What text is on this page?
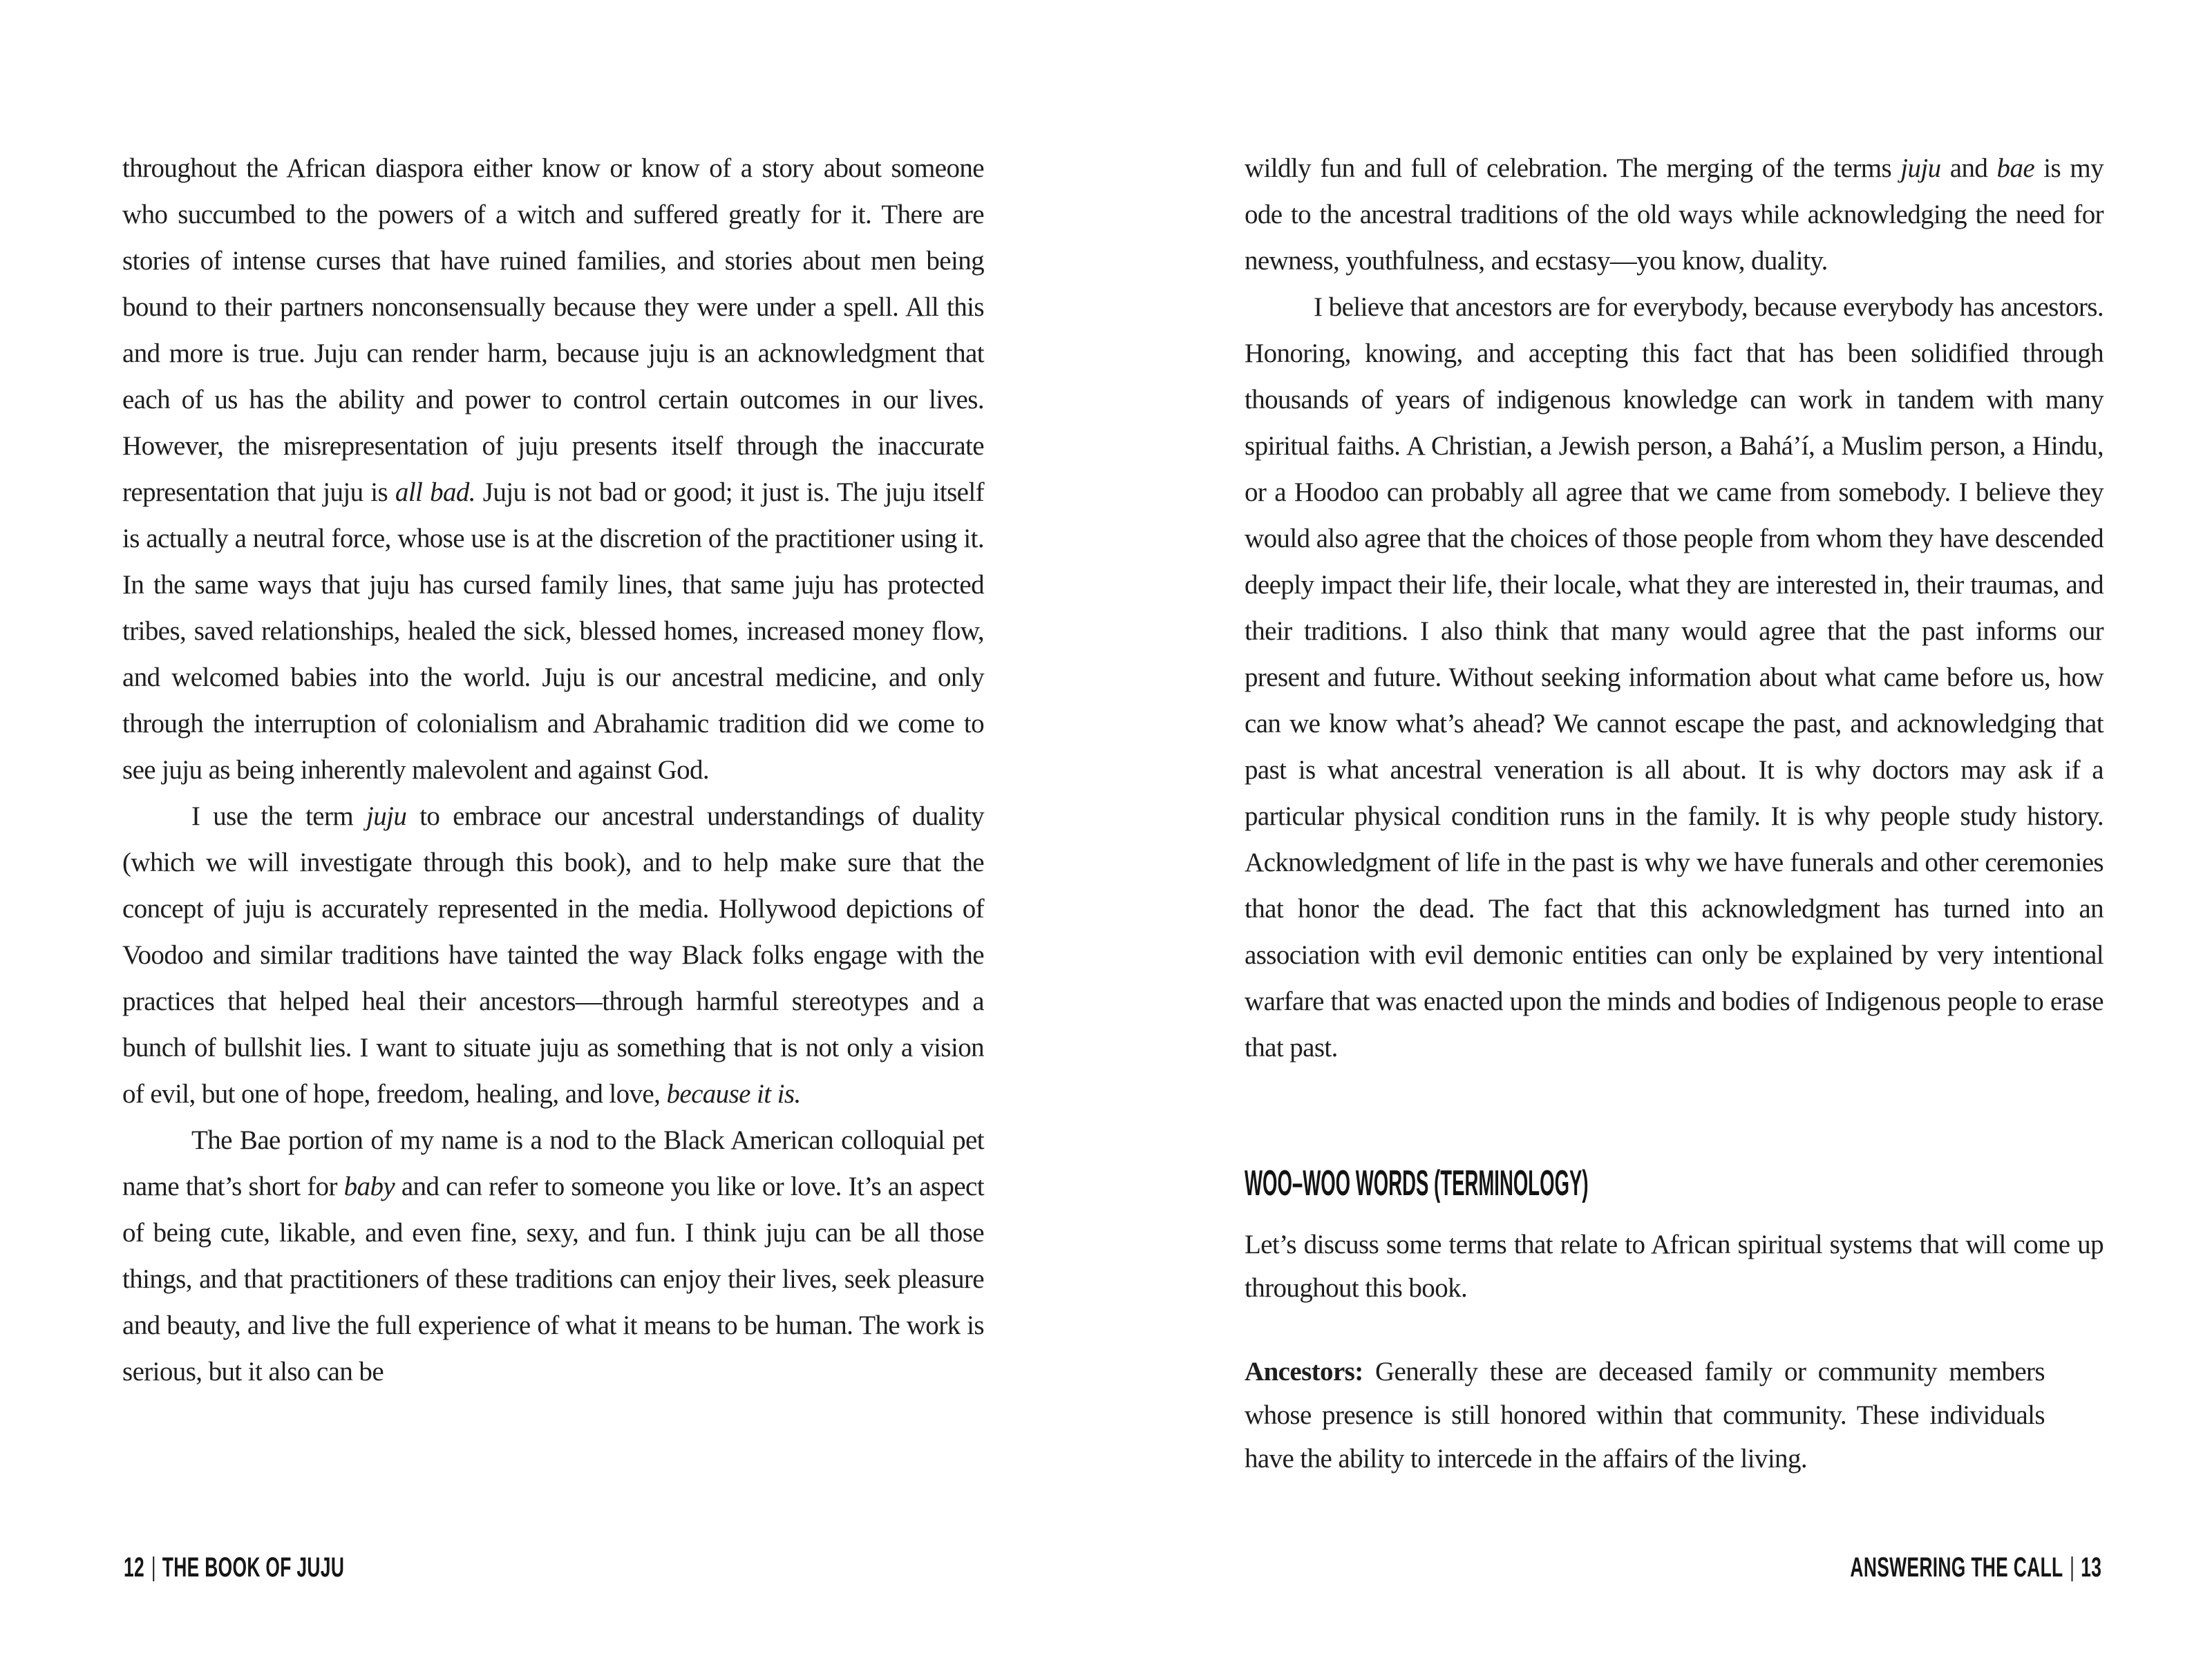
throughout the African diaspora either know or know of a story about someone who succumbed to the powers of a witch and suffered greatly for it. There are stories of intense curses that have ruined families, and stories about men being bound to their partners nonconsensually because they were under a spell. All this and more is true. Juju can render harm, because juju is an acknowledgment that each of us has the ability and power to control certain outcomes in our lives. However, the misrepresentation of juju presents itself through the inaccurate representation that juju is all bad. Juju is not bad or good; it just is. The juju itself is actually a neutral force, whose use is at the discretion of the practitioner using it. In the same ways that juju has cursed family lines, that same juju has protected tribes, saved relationships, healed the sick, blessed homes, increased money flow, and welcomed babies into the world. Juju is our ancestral medicine, and only through the interruption of colonialism and Abrahamic tradition did we come to see juju as being inherently malevolent and against God.

I use the term juju to embrace our ancestral understandings of duality (which we will investigate through this book), and to help make sure that the concept of juju is accurately represented in the media. Hollywood depictions of Voodoo and similar traditions have tainted the way Black folks engage with the practices that helped heal their ancestors—through harmful stereotypes and a bunch of bullshit lies. I want to situate juju as something that is not only a vision of evil, but one of hope, freedom, healing, and love, because it is.

The Bae portion of my name is a nod to the Black American colloquial pet name that’s short for baby and can refer to someone you like or love. It’s an aspect of being cute, likable, and even fine, sexy, and fun. I think juju can be all those things, and that practitioners of these traditions can enjoy their lives, seek pleasure and beauty, and live the full experience of what it means to be human. The work is serious, but it also can be

12 THE BOOK OF JUJU

wildly fun and full of celebration. The merging of the terms juju and bae is my ode to the ancestral traditions of the old ways while acknowledging the need for newness, youthfulness, and ecstasy—you know, duality.

I believe that ancestors are for everybody, because everybody has ancestors. Honoring, knowing, and accepting this fact that has been solidified through thousands of years of indigenous knowledge can work in tandem with many spiritual faiths. A Christian, a Jewish person, a Bahá’í, a Muslim person, a Hindu, or a Hoodoo can probably all agree that we came from somebody. I believe they would also agree that the choices of those people from whom they have descended deeply impact their life, their locale, what they are interested in, their traumas, and their traditions. I also think that many would agree that the past informs our present and future. Without seeking information about what came before us, how can we know what’s ahead? We cannot escape the past, and acknowledging that past is what ancestral veneration is all about. It is why doctors may ask if a particular physical condition runs in the family. It is why people study history. Acknowledgment of life in the past is why we have funerals and other ceremonies that honor the dead. The fact that this acknowledgment has turned into an association with evil demonic entities can only be explained by very intentional warfare that was enacted upon the minds and bodies of Indigenous people to erase that past.

WOO–WOO WORDS (TERMINOLOGY)

Let’s discuss some terms that relate to African spiritual systems that will come up throughout this book.

Ancestors: Generally these are deceased family or community members whose presence is still honored within that community. These individuals have the ability to intercede in the affairs of the living.

ANSWERING THE CALL 13
